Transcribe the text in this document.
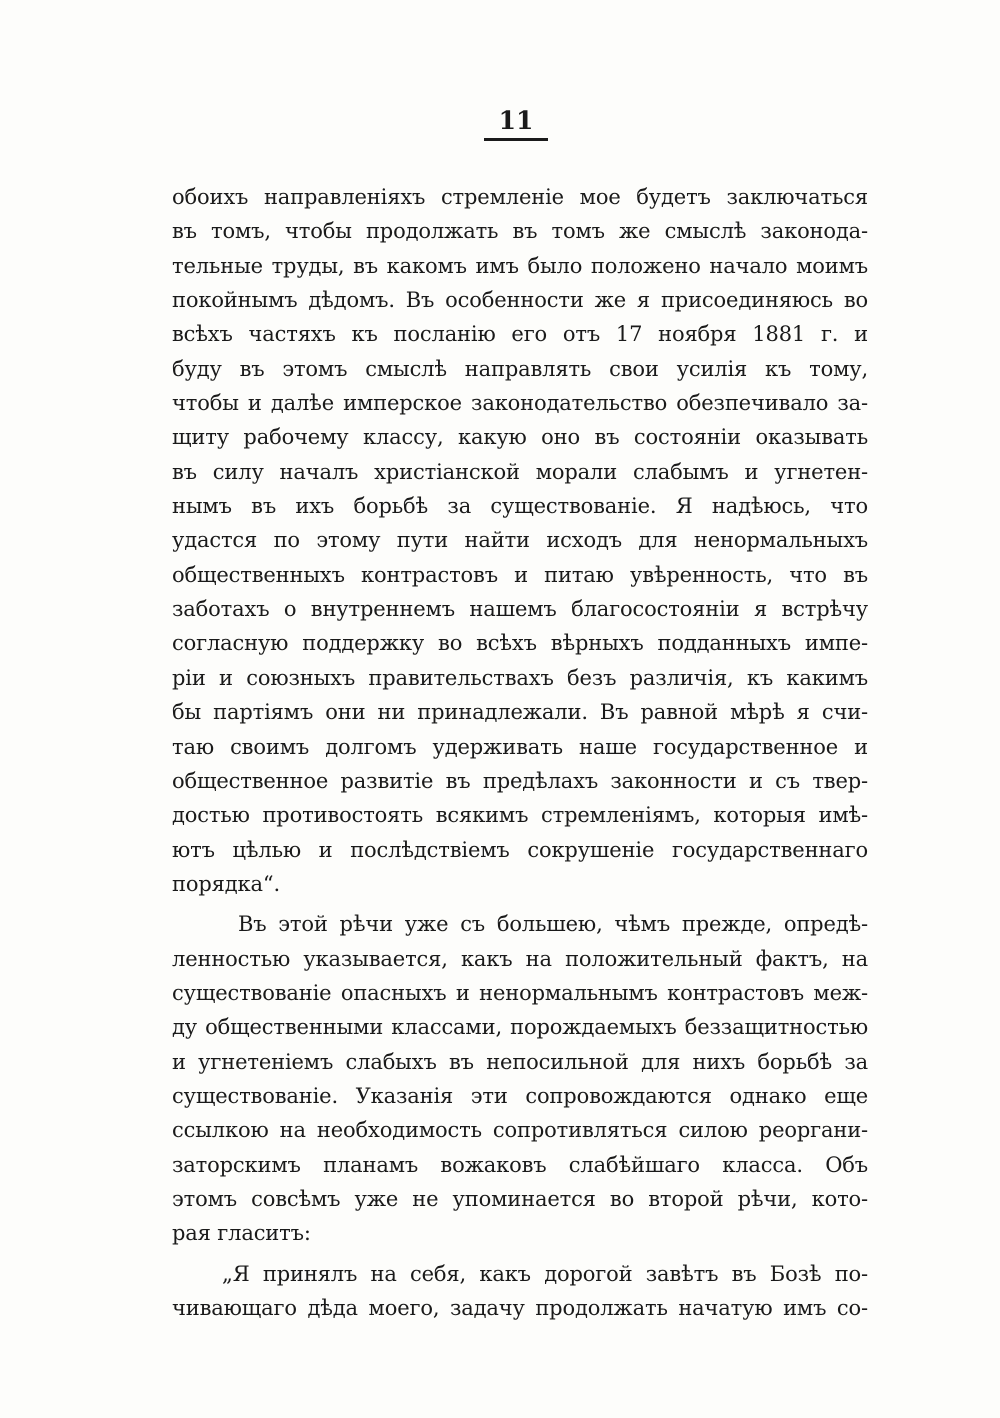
11
обоихъ направленіяхъ стремленіе мое будетъ заключаться
въ томъ, чтобы продолжать въ томъ же смыслѣ законода-
тельные труды, въ какомъ имъ было положено начало моимъ
покойнымъ дѣдомъ. Въ особенности же я присоединяюсь во
всѣхъ частяхъ къ посланію его отъ 17 ноября 1881 г. и
буду въ этомъ смыслѣ направлять свои усилія къ тому,
чтобы и далѣе имперское законодательство обезпечивало за-
щиту рабочему классу, какую оно въ состояніи оказывать
въ силу началъ христіанской морали слабымъ и угнетен-
нымъ въ ихъ борьбѣ за существованіе. Я надѣюсь, что
удастся по этому пути найти исходъ для ненормальныхъ
общественныхъ контрастовъ и питаю увѣренность, что въ
заботахъ о внутреннемъ нашемъ благосостояніи я встрѣчу
согласную поддержку во всѣхъ вѣрныхъ подданныхъ импе-
ріи и союзныхъ правительствахъ безъ различія, къ какимъ
бы партіямъ они ни принадлежали. Въ равной мѣрѣ я счи-
таю своимъ долгомъ удерживать наше государственное и
общественное развитіе въ предѣлахъ законности и съ твер-
достью противостоять всякимъ стремленіямъ, которыя имѣ-
ютъ цѣлью и послѣдствіемъ сокрушеніе государственнаго
порядка“.
Въ этой рѣчи уже съ большею, чѣмъ прежде, опредѣ-
ленностью указывается, какъ на положительный фактъ, на
существованіе опасныхъ и ненормальнымъ контрастовъ меж-
ду общественными классами, порождаемыхъ беззащитностью
и угнетеніемъ слабыхъ въ непосильной для нихъ борьбѣ за
существованіе. Указанія эти сопровождаются однако еще
ссылкою на необходимость сопротивляться силою реоргани-
заторскимъ планамъ вожаковъ слабѣйшаго класса. Объ
этомъ совсѣмъ уже не упоминается во второй рѣчи, кото-
рая гласитъ:
„Я принялъ на себя, какъ дорогой завѣтъ въ Бозѣ по-
чивающаго дѣда моего, задачу продолжать начатую имъ со-
